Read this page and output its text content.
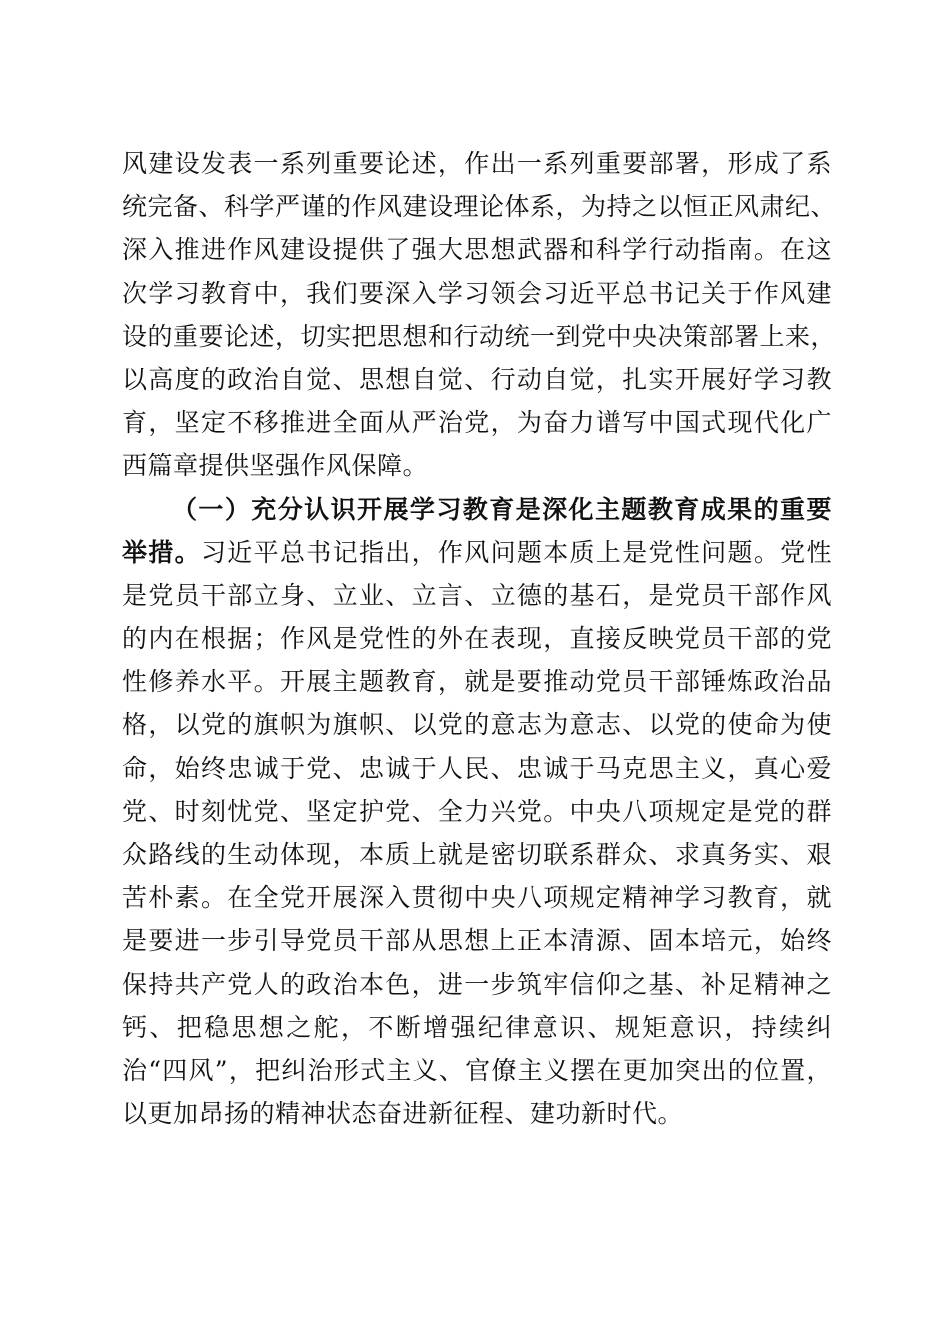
风建设发表一系列重要论述，作出一系列重要部署，形成了系
统完备、科学严谨的作风建设理论体系，为持之以恒正风肃纪、
深入推进作风建设提供了强大思想武器和科学行动指南。在这
次学习教育中，我们要深入学习领会习近平总书记关于作风建
设的重要论述，切实把思想和行动统一到党中央决策部署上来，
以高度的政治自觉、思想自觉、行动自觉，扎实开展好学习教
育，坚定不移推进全面从严治党，为奋力谱写中国式现代化广
西篇章提供坚强作风保障。
（一）充分认识开展学习教育是深化主题教育成果的重要
举措。习近平总书记指出，作风问题本质上是党性问题。党性
是党员干部立身、立业、立言、立德的基石，是党员干部作风
的内在根据；作风是党性的外在表现，直接反映党员干部的党
性修养水平。开展主题教育，就是要推动党员干部锤炼政治品
格，以党的旗帜为旗帜、以党的意志为意志、以党的使命为使
命，始终忠诚于党、忠诚于人民、忠诚于马克思主义，真心爱
党、时刻忧党、坚定护党、全力兴党。中央八项规定是党的群
众路线的生动体现，本质上就是密切联系群众、求真务实、艰
苦朴素。在全党开展深入贯彻中央八项规定精神学习教育，就
是要进一步引导党员干部从思想上正本清源、固本培元，始终
保持共产党人的政治本色，进一步筑牢信仰之基、补足精神之
钙、把稳思想之舵，不断增强纪律意识、规矩意识，持续纠
治“四风”，把纠治形式主义、官僚主义摆在更加突出的位置，
以更加昂扬的精神状态奋进新征程、建功新时代。
